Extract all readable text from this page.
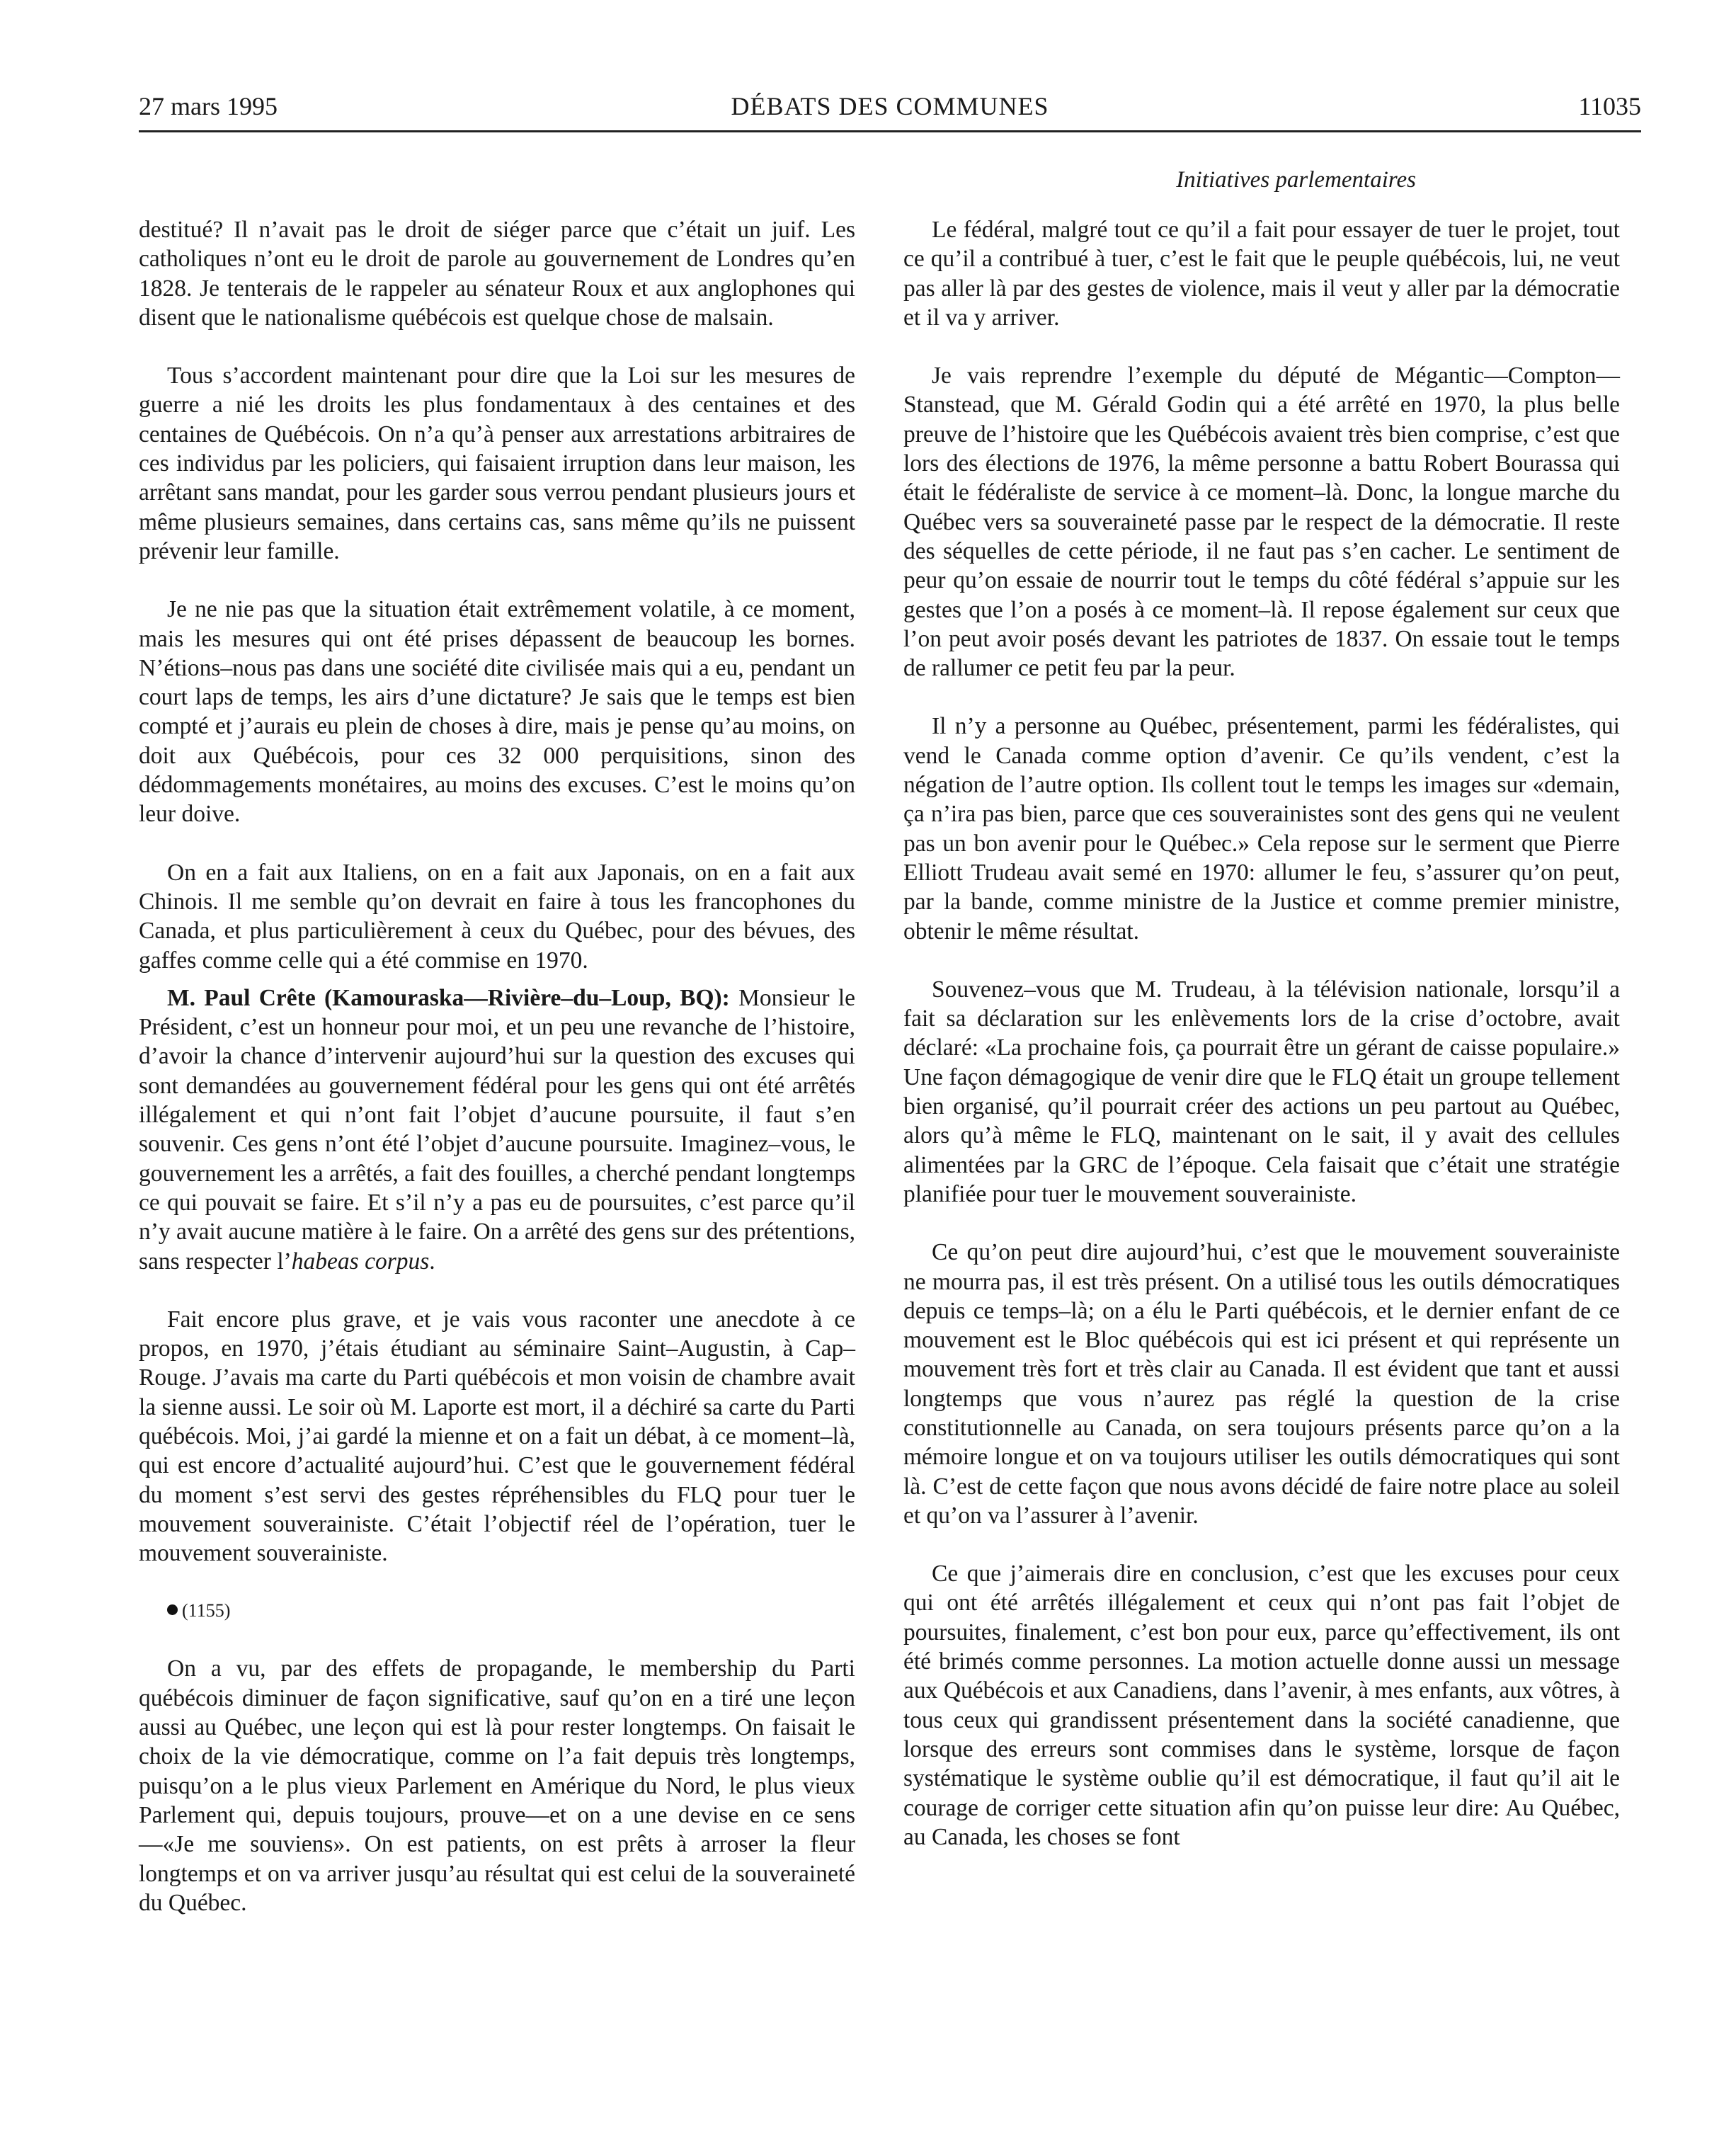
27 mars 1995	DÉBATS DES COMMUNES	11035
Initiatives parlementaires

destitué? Il n’avait pas le droit de siéger parce que c’était un juif. Les catholiques n’ont eu le droit de parole au gouvernement de Londres qu’en 1828. Je tenterais de le rappeler au sénateur Roux et aux anglophones qui disent que le nationalisme québécois est quelque chose de malsain.

Tous s’accordent maintenant pour dire que la Loi sur les mesures de guerre a nié les droits les plus fondamentaux à des centaines et des centaines de Québécois. On n’a qu’à penser aux arrestations arbitraires de ces individus par les policiers, qui faisaient irruption dans leur maison, les arrêtant sans mandat, pour les garder sous verrou pendant plusieurs jours et même plusieurs semaines, dans certains cas, sans même qu’ils ne puissent prévenir leur famille.

Je ne nie pas que la situation était extrêmement volatile, à ce moment, mais les mesures qui ont été prises dépassent de beaucoup les bornes. N’étions–nous pas dans une société dite civilisée mais qui a eu, pendant un court laps de temps, les airs d’une dictature? Je sais que le temps est bien compté et j’aurais eu plein de choses à dire, mais je pense qu’au moins, on doit aux Québécois, pour ces 32 000 perquisitions, sinon des dédommagements monétaires, au moins des excuses. C’est le moins qu’on leur doive.

On en a fait aux Italiens, on en a fait aux Japonais, on en a fait aux Chinois. Il me semble qu’on devrait en faire à tous les francophones du Canada, et plus particulièrement à ceux du Québec, pour des bévues, des gaffes comme celle qui a été commise en 1970.

M. Paul Crête (Kamouraska—Rivière–du–Loup, BQ): Monsieur le Président, c’est un honneur pour moi, et un peu une revanche de l’histoire, d’avoir la chance d’intervenir aujourd’hui sur la question des excuses qui sont demandées au gouvernement fédéral pour les gens qui ont été arrêtés illégalement et qui n’ont fait l’objet d’aucune poursuite, il faut s’en souvenir. Ces gens n’ont été l’objet d’aucune poursuite. Imaginez–vous, le gouvernement les a arrêtés, a fait des fouilles, a cherché pendant longtemps ce qui pouvait se faire. Et s’il n’y a pas eu de poursuites, c’est parce qu’il n’y avait aucune matière à le faire. On a arrêté des gens sur des prétentions, sans respecter l’habeas corpus.

Fait encore plus grave, et je vais vous raconter une anecdote à ce propos, en 1970, j’étais étudiant au séminaire Saint–Augustin, à Cap–Rouge. J’avais ma carte du Parti québécois et mon voisin de chambre avait la sienne aussi. Le soir où M. Laporte est mort, il a déchiré sa carte du Parti québécois. Moi, j’ai gardé la mienne et on a fait un débat, à ce moment–là, qui est encore d’actualité aujourd’hui. C’est que le gouvernement fédéral du moment s’est servi des gestes répréhensibles du FLQ pour tuer le mouvement souverainiste. C’était l’objectif réel de l’opération, tuer le mouvement souverainiste.

(1155)

On a vu, par des effets de propagande, le membership du Parti québécois diminuer de façon significative, sauf qu’on en a tiré une leçon aussi au Québec, une leçon qui est là pour rester longtemps. On faisait le choix de la vie démocratique, comme on l’a fait depuis très longtemps, puisqu’on a le plus vieux Parlement en Amérique du Nord, le plus vieux Parlement qui, depuis toujours, prouve—et on a une devise en ce sens—«Je me souviens». On est patients, on est prêts à arroser la fleur longtemps et on va arriver jusqu’au résultat qui est celui de la souveraineté du Québec.

Le fédéral, malgré tout ce qu’il a fait pour essayer de tuer le projet, tout ce qu’il a contribué à tuer, c’est le fait que le peuple québécois, lui, ne veut pas aller là par des gestes de violence, mais il veut y aller par la démocratie et il va y arriver.

Je vais reprendre l’exemple du député de Mégantic—Compton—Stanstead, que M. Gérald Godin qui a été arrêté en 1970, la plus belle preuve de l’histoire que les Québécois avaient très bien comprise, c’est que lors des élections de 1976, la même personne a battu Robert Bourassa qui était le fédéraliste de service à ce moment–là. Donc, la longue marche du Québec vers sa souveraineté passe par le respect de la démocratie. Il reste des séquelles de cette période, il ne faut pas s’en cacher. Le sentiment de peur qu’on essaie de nourrir tout le temps du côté fédéral s’appuie sur les gestes que l’on a posés à ce moment–là. Il repose également sur ceux que l’on peut avoir posés devant les patriotes de 1837. On essaie tout le temps de rallumer ce petit feu par la peur.

Il n’y a personne au Québec, présentement, parmi les fédéralistes, qui vend le Canada comme option d’avenir. Ce qu’ils vendent, c’est la négation de l’autre option. Ils collent tout le temps les images sur «demain, ça n’ira pas bien, parce que ces souverainistes sont des gens qui ne veulent pas un bon avenir pour le Québec.» Cela repose sur le serment que Pierre Elliott Trudeau avait semé en 1970: allumer le feu, s’assurer qu’on peut, par la bande, comme ministre de la Justice et comme premier ministre, obtenir le même résultat.

Souvenez–vous que M. Trudeau, à la télévision nationale, lorsqu’il a fait sa déclaration sur les enlèvements lors de la crise d’octobre, avait déclaré: «La prochaine fois, ça pourrait être un gérant de caisse populaire.» Une façon démagogique de venir dire que le FLQ était un groupe tellement bien organisé, qu’il pourrait créer des actions un peu partout au Québec, alors qu’à même le FLQ, maintenant on le sait, il y avait des cellules alimentées par la GRC de l’époque. Cela faisait que c’était une stratégie planifiée pour tuer le mouvement souverainiste.

Ce qu’on peut dire aujourd’hui, c’est que le mouvement souverainiste ne mourra pas, il est très présent. On a utilisé tous les outils démocratiques depuis ce temps–là; on a élu le Parti québécois, et le dernier enfant de ce mouvement est le Bloc québécois qui est ici présent et qui représente un mouvement très fort et très clair au Canada. Il est évident que tant et aussi longtemps que vous n’aurez pas réglé la question de la crise constitutionnelle au Canada, on sera toujours présents parce qu’on a la mémoire longue et on va toujours utiliser les outils démocratiques qui sont là. C’est de cette façon que nous avons décidé de faire notre place au soleil et qu’on va l’assurer à l’avenir.

Ce que j’aimerais dire en conclusion, c’est que les excuses pour ceux qui ont été arrêtés illégalement et ceux qui n’ont pas fait l’objet de poursuites, finalement, c’est bon pour eux, parce qu’effectivement, ils ont été brimés comme personnes. La motion actuelle donne aussi un message aux Québécois et aux Canadiens, dans l’avenir, à mes enfants, aux vôtres, à tous ceux qui grandissent présentement dans la société canadienne, que lorsque des erreurs sont commises dans le système, lorsque de façon systématique le système oublie qu’il est démocratique, il faut qu’il ait le courage de corriger cette situation afin qu’on puisse leur dire: Au Québec, au Canada, les choses se font
